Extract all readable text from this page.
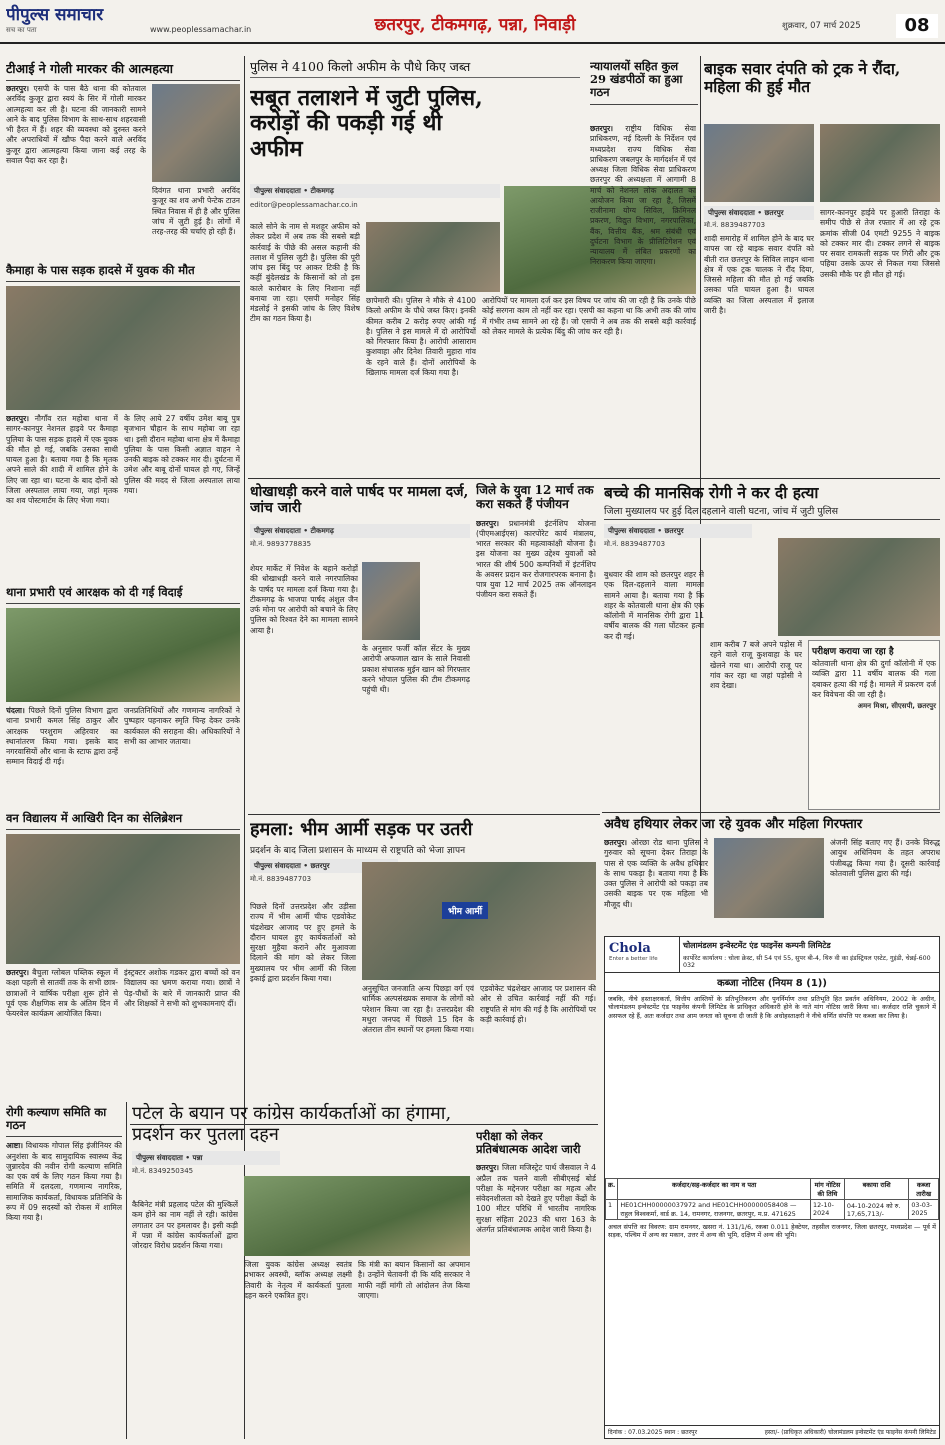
पीपुल्स समाचार
सच का पता	www.peoplessamachar.in	छतरपुर, टीकमगढ़, पन्ना, निवाड़ी	शुक्रवार, 07 मार्च 2025	08
टीआई ने गोली मारकर की आत्महत्या
छतरपुर। एसपी के पास बैठे थाना की कोतवाल अरविंद कुजूर द्वारा स्वयं के सिर में गोली मारकर आत्महत्या कर ली है। घटना की जानकारी सामने आने के बाद पुलिस विभाग के साथ-साथ शहरवासी भी हैरत में हैं। शहर की व्यवस्था को दुरुस्त करने और अपराधियों में खौफ पैदा करने वाले अरविंद कुजूर द्वारा आत्महत्या किया जाना कई तरह के सवाल पैदा कर रहा है।
दिवंगत थाना प्रभारी अरविंद कुजूर का शव अभी पेन्टेक टाउन स्थित निवास में ही है और पुलिस जांच में जुटी हुई है। लोगों में तरह-तरह की चर्चाएं हो रही हैं।
कैमाहा के पास सड़क हादसे में युवक की मौत
छतरपुर। नौगाँव रात महोबा थाना में सागर-कानपुर नेशनल हाइवे पर कैमाहा पुलिया के पास सड़क हादसे में एक युवक की मौत हो गई, जबकि उसका साथी घायल हुआ है। बताया गया है कि मृतक अपने साले की शादी में शामिल होने के लिए जा रहा था। घटना के बाद दोनों को जिला अस्पताल लाया गया, जहां मृतक का शव पोस्टमार्टम के लिए भेजा गया।
के लिए आये 27 वर्षीय उमेश बाबू पुत्र बृजभान चौहान के साथ महोबा जा रहा था। इसी दौरान महोबा थाना क्षेत्र में कैमाहा पुलिया के पास किसी अज्ञात वाहन ने उनकी बाइक को टक्कर मार दी। दुर्घटना में उमेश और बाबू दोनों घायल हो गए, जिन्हें पुलिस की मदद से जिला अस्पताल लाया गया।
थाना प्रभारी एवं आरक्षक को दी गई विदाई
चंदला। पिछले दिनों पुलिस विभाग द्वारा थाना प्रभारी कमल सिंह ठाकुर और आरक्षक परशुराम अहिरवार का स्थानांतरण किया गया। इसके बाद नगरवासियों और थाना के स्टाफ द्वारा उन्हें सम्मान विदाई दी गई।
जनप्रतिनिधियों और गणमान्य नागरिकों ने पुष्पहार पहनाकर स्मृति चिन्ह देकर उनके कार्यकाल की सराहना की। अधिकारियों ने सभी का आभार जताया।
वन विद्यालय में आखिरी दिन का सेलिब्रेशन
छतरपुर। बैचुला ग्लोबल पब्लिक स्कूल में कक्षा पहली से सातवीं तक के सभी छात्र-छात्राओं ने वार्षिक परीक्षा शुरू होने से पूर्व एक शैक्षणिक सत्र के अंतिम दिन में फेयरवेल कार्यक्रम आयोजित किया।
इंस्ट्रक्टर अशोक गडकर द्वारा बच्चों को वन विद्यालय का भ्रमण कराया गया। छात्रों ने पेड़-पौधों के बारे में जानकारी प्राप्त की और शिक्षकों ने सभी को शुभकामनाएं दीं।
रोगी कल्याण समिति का गठन
आष्टा। विधायक गोपाल सिंह इंजीनियर की अनुशंसा के बाद सामुदायिक स्वास्थ्य केंद्र जुन्नारदेव की नवीन रोगी कल्याण समिति का एक वर्ष के लिए गठन किया गया है। समिति में दलदला, गणमान्य नागरिक, सामाजिक कार्यकर्ता, विधायक प्रतिनिधि के रूप में 09 सदस्यों को रोकस में शामिल किया गया है।
पुलिस ने 4100 किलो अफीम के पौधे किए जब्त
सबूत तलाशने में जुटी पुलिस, करोड़ों की पकड़ी गई थी अफीम
पीपुल्स संवाददाता • टीकमगढ़
editor@peoplessamachar.co.in
काले सोने के नाम से मशहूर अफीम को लेकर प्रदेश में अब तक की सबसे बड़ी कार्रवाई के पीछे की असल कहानी की तलाश में पुलिस जुटी है। पुलिस की पूरी जांच इस बिंदु पर आकर टिकी है कि कहीं बुंदेलखंड के किसानों को तो इस काले कारोबार के लिए निशाना नहीं बनाया जा रहा। एसपी मनोहर सिंह मंडलोई ने इसकी जांच के लिए विशेष टीम का गठन किया है।
छापेमारी की। पुलिस ने मौके से 4100 किलो अफीम के पौधे जब्त किए। इनकी कीमत करीब 2 करोड़ रुपए आंकी गई है। पुलिस ने इस मामले में दो आरोपियों को गिरफ्तार किया है। आरोपी आसाराम कुशवाहा और दिनेश तिवारी मुहारा गांव के रहने वाले हैं। दोनों आरोपियों के खिलाफ मामला दर्ज किया गया है।
आरोपियों पर मामला दर्ज कर इस विषय पर जांच की जा रही है कि उनके पीछे कोई सरगना काम तो नहीं कर रहा। एसपी का कहना था कि अभी तक की जांच में गंभीर तथ्य सामने आ रहे हैं। जो एसपी ने अब तक की सबसे बड़ी कार्रवाई को लेकर मामले के प्रत्येक बिंदु की जांच कर रही है।
न्यायालयों सहित कुल 29 खंडपीठों का हुआ गठन
बाइक सवार दंपति को ट्रक ने रौंदा, महिला की हुई मौत
पीपुल्स संवाददाता • छतरपुर
मो.नं. 8839487703
शादी समारोह में शामिल होने के बाद घर वापस जा रहे बाइक सवार दंपति को बीती रात छतरपुर के सिविल लाइन थाना क्षेत्र में एक ट्रक चालक ने रौंद दिया, जिससे महिला की मौत हो गई जबकि उसका पति घायल हुआ है। घायल व्यक्ति का जिला अस्पताल में इलाज जारी है।
सागर-कानपुर हाईवे पर हुआरी तिराहा के समीप पीछे से तेज रफ्तार में आ रहे ट्रक क्रमांक सीजी 04 एमटी 9255 ने बाइक को टक्कर मार दी। टक्कर लगने से बाइक पर सवार रामकली सड़क पर गिरी और ट्रक पहिया उसके ऊपर से निकल गया जिससे उसकी मौके पर ही मौत हो गई।
छतरपुर। राष्ट्रीय विधिक सेवा प्राधिकरण, नई दिल्ली के निर्देशन एवं मध्यप्रदेश राज्य विधिक सेवा प्राधिकरण जबलपुर के मार्गदर्शन में एवं अध्यक्ष जिला विधिक सेवा प्राधिकरण छतरपुर की अध्यक्षता में आगामी 8 मार्च को नेशनल लोक अदालत का आयोजन किया जा रहा है, जिसमें राजीनामा योग्य सिविल, क्रिमिनल प्रकरण, विद्युत विभाग, नगरपालिका, बैंक, वित्तीय बैंक, श्रम संबंधी एवं दुर्घटना विभाग के प्रीलिटिगेशन एवं न्यायालय में लंबित प्रकरणों का निराकरण किया जाएगा।
धोखाधड़ी करने वाले पार्षद पर मामला दर्ज, जांच जारी
पीपुल्स संवाददाता • टीकमगढ़
मो.नं. 9893778835
शेयर मार्केट में निवेश के बहाने करोड़ों की धोखाधड़ी करने वाले नगरपालिका के पार्षद पर मामला दर्ज किया गया है। टीकमगढ़ के भाजपा पार्षद अंशुल जैन उर्फ मोना पर आरोपी को बचाने के लिए पुलिस को रिश्वत देने का मामला सामने आया है।
के अनुसार फर्जी कॉल सेंटर के मुख्य आरोपी अफजाल खान के साले निवासी प्रकाश संचालक मुईन खान को गिरफ्तार करने भोपाल पुलिस की टीम टीकमगढ़ पहुंची थी।
जिले के युवा 12 मार्च तक करा सकते हैं पंजीयन
छतरपुर। प्रधानमंत्री इंटर्नशिप योजना (पीएमआईएस) कारपोरेट कार्य मंत्रालय, भारत सरकार की महत्वाकांक्षी योजना है। इस योजना का मुख्य उद्देश्य युवाओं को भारत की शीर्ष 500 कम्पनियों में इंटर्नशिप के अवसर प्रदान कर रोजगारपरक बनाना है। पात्र युवा 12 मार्च 2025 तक ऑनलाइन पंजीयन करा सकते हैं।
बच्चे की मानसिक रोगी ने कर दी हत्या
जिला मुख्यालय पर हुई दिल दहलाने वाली घटना, जांच में जुटी पुलिस
पीपुल्स संवाददाता • छतरपुर
मो.नं. 8839487703
बुधवार की शाम को छतरपुर शहर से एक दिल-दहलाने वाला मामला सामने आया है। बताया गया है कि शहर के कोतवाली थाना क्षेत्र की एक कॉलोनी में मानसिक रोगी द्वारा 11 वर्षीय बालक की गला घोंटकर हत्या कर दी गई।
शाम करीब 7 बजे अपने पड़ोस में रहने वाले राजू कुशवाहा के घर खेलने गया था। आरोपी राजू पर गांव कर रहा था जहां पड़ोसी ने शव देखा।
परीक्षण कराया जा रहा है
कोतवाली थाना क्षेत्र की दुर्गा कॉलोनी में एक व्यक्ति द्वारा 11 वर्षीय बालक की गला दबाकर हत्या की गई है। मामले में प्रकरण दर्ज कर विवेचना की जा रही है।
अमन मिश्रा, सीएसपी, छतरपुर
अवैध हथियार लेकर जा रहे युवक और महिला गिरफ्तार
छतरपुर। ओरछा रोड थाना पुलिस ने गुरुवार को सूचना देकर तिराहा के पास से एक व्यक्ति के अवैध हथियार के साथ पकड़ा है। बताया गया है कि उक्त पुलिस ने आरोपी को पकड़ा तब उसकी बाइक पर एक महिला भी मौजूद थी।
अंजनी सिंह बताए गए हैं। उनके विरुद्ध आयुध अधिनियम के तहत अपराध पंजीबद्ध किया गया है। दूसरी कार्रवाई कोतवाली पुलिस द्वारा की गई।
हमला: भीम आर्मी सड़क पर उतरी
प्रदर्शन के बाद जिला प्रशासन के माध्यम से राष्ट्रपति को भेजा ज्ञापन
पीपुल्स संवाददाता • छतरपुर
मो.नं. 8839487703
भीम आर्मी
पिछले दिनों उत्तरप्रदेश और उड़ीसा राज्य में भीम आर्मी चीफ एडवोकेट चंद्रशेखर आजाद पर हुए हमले के दौरान घायल हुए कार्यकर्ताओं को सुरक्षा मुहैया कराने और मुआवजा दिलाने की मांग को लेकर जिला मुख्यालय पर भीम आर्मी की जिला इकाई द्वारा प्रदर्शन किया गया।
अनुसूचित जनजाति अन्य पिछड़ा वर्ग एवं धार्मिक अल्पसंख्यक समाज के लोगों को परेशान किया जा रहा है। उत्तरप्रदेश की मथुरा जनपद में पिछले 15 दिन के अंतराल तीन स्थानों पर हमला किया गया।
एडवोकेट चंद्रशेखर आजाद पर प्रशासन की ओर से उचित कार्रवाई नहीं की गई। राष्ट्रपति से मांग की गई है कि आरोपियों पर कड़ी कार्रवाई हो।
पटेल के बयान पर कांग्रेस कार्यकर्ताओं का हंगामा, प्रदर्शन कर पुतला दहन
पीपुल्स संवाददाता • पन्ना
मो.नं. 8349250345
कैबिनेट मंत्री प्रहलाद पटेल की मुश्किलें कम होने का नाम नहीं ले रही। कांग्रेस लगातार उन पर हमलावर है। इसी कड़ी में पन्ना में कांग्रेस कार्यकर्ताओं द्वारा जोरदार विरोध प्रदर्शन किया गया।
जिला युवक कांग्रेस अध्यक्ष स्वतंत्र प्रभाकर अवस्थी, ब्लॉक अध्यक्ष लक्ष्मी तिवारी के नेतृत्व में कार्यकर्ता पुतला दहन करने एकत्रित हुए।
कि मंत्री का बयान किसानों का अपमान है। उन्होंने चेतावनी दी कि यदि सरकार ने माफी नहीं मांगी तो आंदोलन तेज किया जाएगा।
परीक्षा को लेकर प्रतिबंधात्मक आदेश जारी
छतरपुर। जिला मजिस्ट्रेट पार्थ जैसवाल ने 4 अप्रैल तक चलने वाली सीबीएसई बोर्ड परीक्षा के मद्देनजर परीक्षा का महत्व और संवेदनशीलता को देखते हुए परीक्षा केंद्रों के 100 मीटर परिधि में भारतीय नागरिक सुरक्षा संहिता 2023 की धारा 163 के अंतर्गत प्रतिबंधात्मक आदेश जारी किया है।
Chola
Enter a better life
चोलामंडलम इन्वेस्टमेंट एंड फाइनेंस कम्पनी लिमिटेड
कार्पोरेट कार्यालय : चोला क्रेस्ट, सी 54 एवं 55, सुपर बी-4, थिरु वी का इंडस्ट्रियल एस्टेट, गुइंडी, चेन्नई-600 032
कब्जा नोटिस (नियम 8 (1))
जबकि, नीचे हस्ताक्षरकर्ता, वित्तीय आस्तियों के प्रतिभूतिकरण और पुनर्निर्माण तथा प्रतिभूति हित प्रवर्तन अधिनियम, 2002 के अधीन, चोलामंडलम इन्वेस्टमेंट एंड फाइनेंस कंपनी लिमिटेड के प्राधिकृत अधिकारी होने के नाते मांग नोटिस जारी किया था। कर्जदार राशि चुकाने में असफल रहे हैं, अतः कर्जदार तथा आम जनता को सूचना दी जाती है कि अधोहस्ताक्षरी ने नीचे वर्णित संपत्ति पर कब्जा कर लिया है।
क्र.	कर्जदार/सह-कर्जदार का नाम व पता	मांग नोटिस की तिथि	बकाया राशि	कब्जा तारीख
1	HE01CHH00000037972 and HE01CHH00000058408 — राहुल विश्वकर्मा, वार्ड क्र. 14, रामनगर, राजनगर, छतरपुर, म.प्र. 471625	12-10-2024	04-10-2024 को रु. 17,65,713/-	03-03-2025
अचल संपत्ति का विवरण: ग्राम रामनगर, खसरा नं. 131/1/6, रकबा 0.011 हेक्टेयर, तहसील राजनगर, जिला छतरपुर, मध्यप्रदेश — पूर्व में सड़क, पश्चिम में अन्य का मकान, उत्तर में अन्य की भूमि, दक्षिण में अन्य की भूमि।
दिनांक : 07.03.2025 स्थान : छतरपुर	हस्ता/- (प्राधिकृत अधिकारी) चोलामंडलम इन्वेस्टमेंट एंड फाइनेंस कंपनी लिमिटेड
